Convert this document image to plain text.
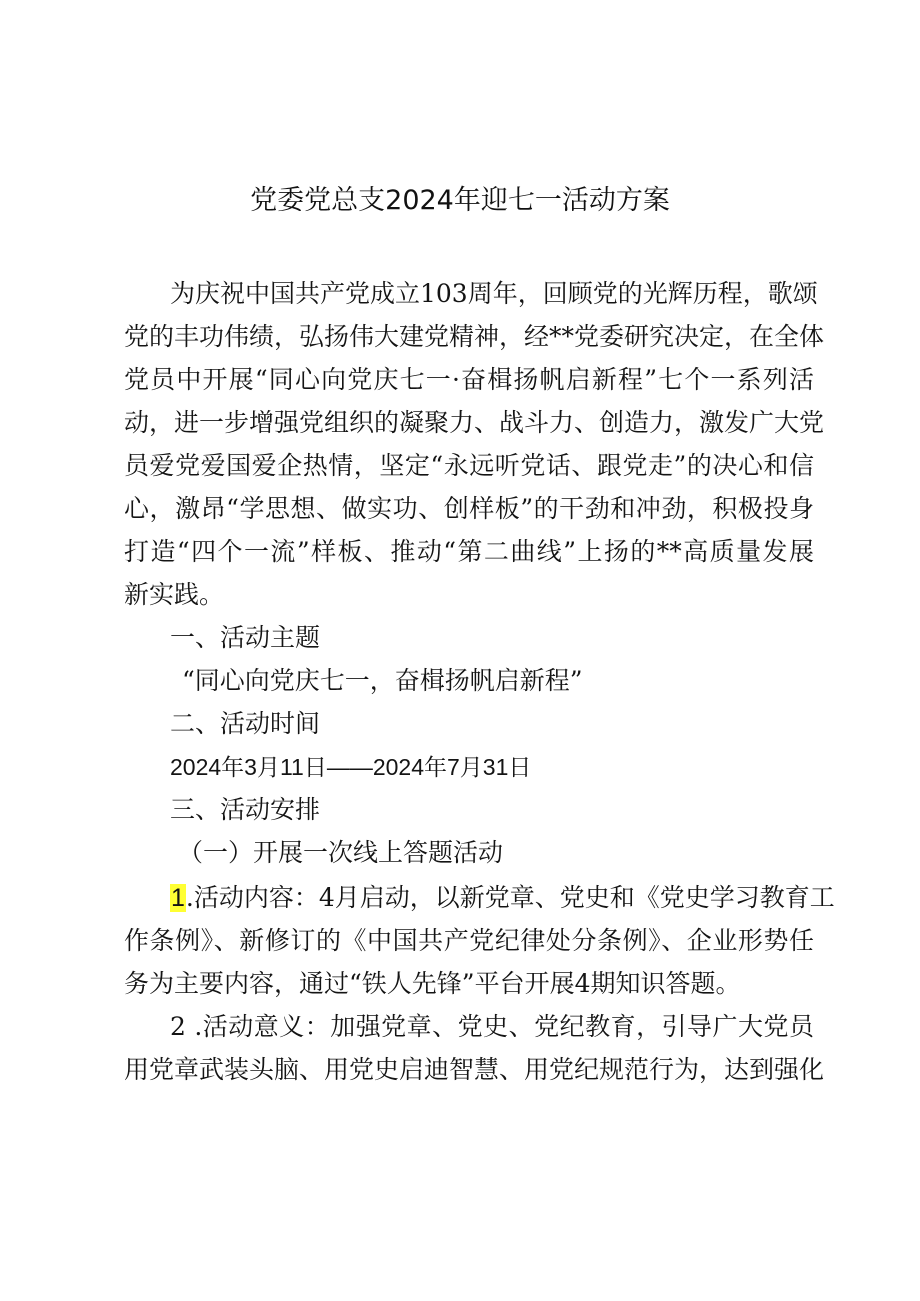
党委党总支2024年迎七一活动方案
为庆祝中国共产党成立103周年，回顾党的光辉历程，歌颂
党的丰功伟绩，弘扬伟大建党精神，经**党委研究决定，在全体
党员中开展“同心向党庆七一·奋楫扬帆启新程”七个一系列活
动，进一步增强党组织的凝聚力、战斗力、创造力，激发广大党
员爱党爱国爱企热情，坚定“永远听党话、跟党走”的决心和信
心，激昂“学思想、做实功、创样板”的干劲和冲劲，积极投身
打造“四个一流”样板、推动“第二曲线”上扬的**高质量发展
新实践。
一、活动主题
“同心向党庆七一，奋楫扬帆启新程”
二、活动时间
2024年3月11日——2024年7月31日
三、活动安排
（一）开展一次线上答题活动
1.活动内容：4月启动，以新党章、党史和《党史学习教育工
作条例》、新修订的《中国共产党纪律处分条例》、企业形势任
务为主要内容，通过“铁人先锋”平台开展4期知识答题。
2 .活动意义：加强党章、党史、党纪教育，引导广大党员
用党章武装头脑、用党史启迪智慧、用党纪规范行为，达到强化
